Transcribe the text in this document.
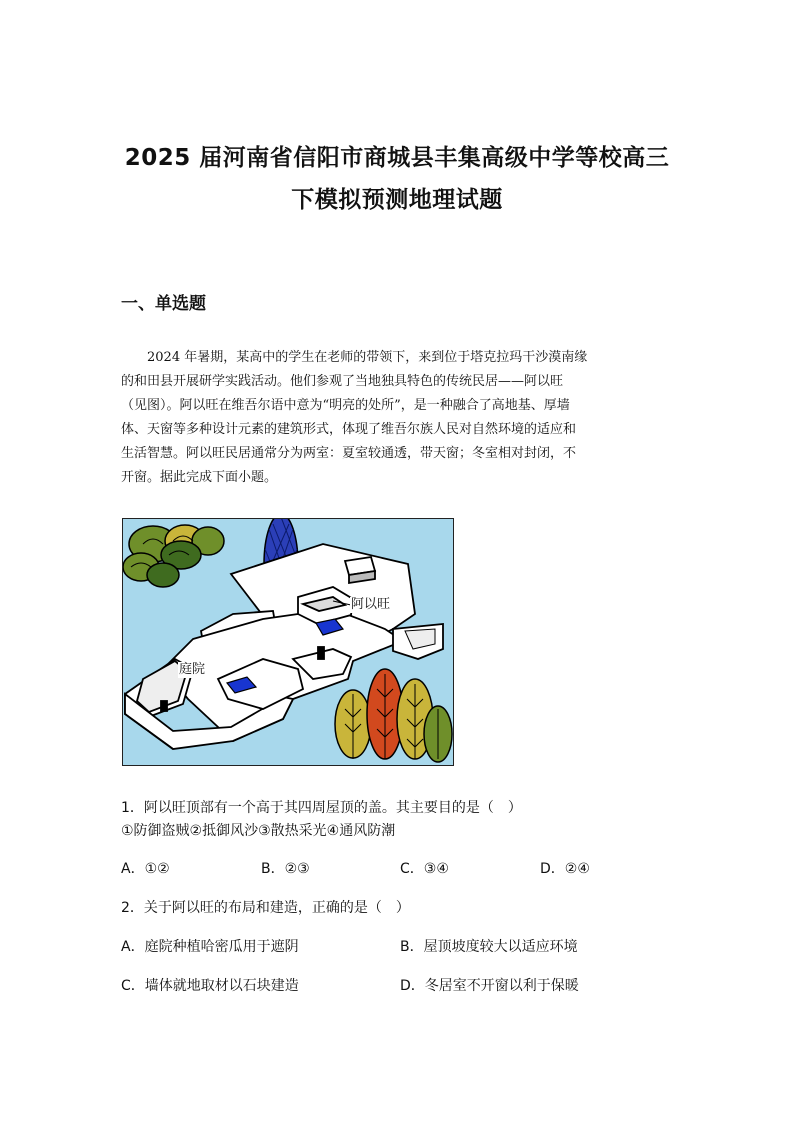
2025 届河南省信阳市商城县丰集高级中学等校高三
下模拟预测地理试题
一、单选题
2024 年暑期，某高中的学生在老师的带领下，来到位于塔克拉玛干沙漠南缘
的和田县开展研学实践活动。他们参观了当地独具特色的传统民居——阿以旺
（见图）。阿以旺在维吾尔语中意为“明亮的处所”，是一种融合了高地基、厚墙
体、天窗等多种设计元素的建筑形式，体现了维吾尔族人民对自然环境的适应和
生活智慧。阿以旺民居通常分为两室：夏室较通透，带天窗；冬室相对封闭，不
开窗。据此完成下面小题。
阿以旺
庭院
1．阿以旺顶部有一个高于其四周屋顶的盖。其主要目的是（　）
①防御盗贼②抵御风沙③散热采光④通风防潮
A．①②	B．②③	C．③④	D．②④
2．关于阿以旺的布局和建造，正确的是（　）
A．庭院种植哈密瓜用于遮阴	B．屋顶坡度较大以适应环境
C．墙体就地取材以石块建造	D．冬居室不开窗以利于保暖
